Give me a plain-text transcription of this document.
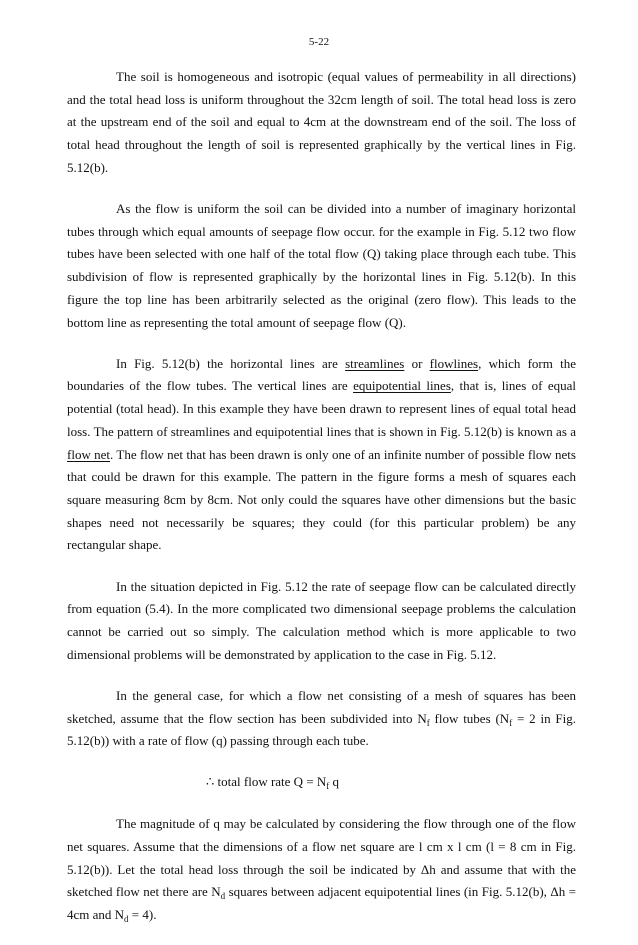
5-22

The soil is homogeneous and isotropic (equal values of permeability in all directions) and the total head loss is uniform throughout the 32cm length of soil. The total head loss is zero at the upstream end of the soil and equal to 4cm at the downstream end of the soil. The loss of total head throughout the length of soil is represented graphically by the vertical lines in Fig. 5.12(b).

As the flow is uniform the soil can be divided into a number of imaginary horizontal tubes through which equal amounts of seepage flow occur. for the example in Fig. 5.12 two flow tubes have been selected with one half of the total flow (Q) taking place through each tube. This subdivision of flow is represented graphically by the horizontal lines in Fig. 5.12(b). In this figure the top line has been arbitrarily selected as the original (zero flow). This leads to the bottom line as representing the total amount of seepage flow (Q).

In Fig. 5.12(b) the horizontal lines are streamlines or flowlines, which form the boundaries of the flow tubes. The vertical lines are equipotential lines, that is, lines of equal potential (total head). In this example they have been drawn to represent lines of equal total head loss. The pattern of streamlines and equipotential lines that is shown in Fig. 5.12(b) is known as a flow net. The flow net that has been drawn is only one of an infinite number of possible flow nets that could be drawn for this example. The pattern in the figure forms a mesh of squares each square measuring 8cm by 8cm. Not only could the squares have other dimensions but the basic shapes need not necessarily be squares; they could (for this particular problem) be any rectangular shape.

In the situation depicted in Fig. 5.12 the rate of seepage flow can be calculated directly from equation (5.4). In the more complicated two dimensional seepage problems the calculation cannot be carried out so simply. The calculation method which is more applicable to two dimensional problems will be demonstrated by application to the case in Fig. 5.12.

In the general case, for which a flow net consisting of a mesh of squares has been sketched, assume that the flow section has been subdivided into $N_f$ flow tubes ($N_f = 2$ in Fig. 5.12(b)) with a rate of flow (q) passing through each tube.

∴ total flow rate $Q = N_f$ q

The magnitude of q may be calculated by considering the flow through one of the flow net squares. Assume that the dimensions of a flow net square are l cm x l cm (l = 8 cm in Fig. 5.12(b)). Let the total head loss through the soil be indicated by Δh and assume that with the sketched flow net there are $N_d$ squares between adjacent equipotential lines (in Fig. 5.12(b), Δh = 4cm and $N_d = 4$).
